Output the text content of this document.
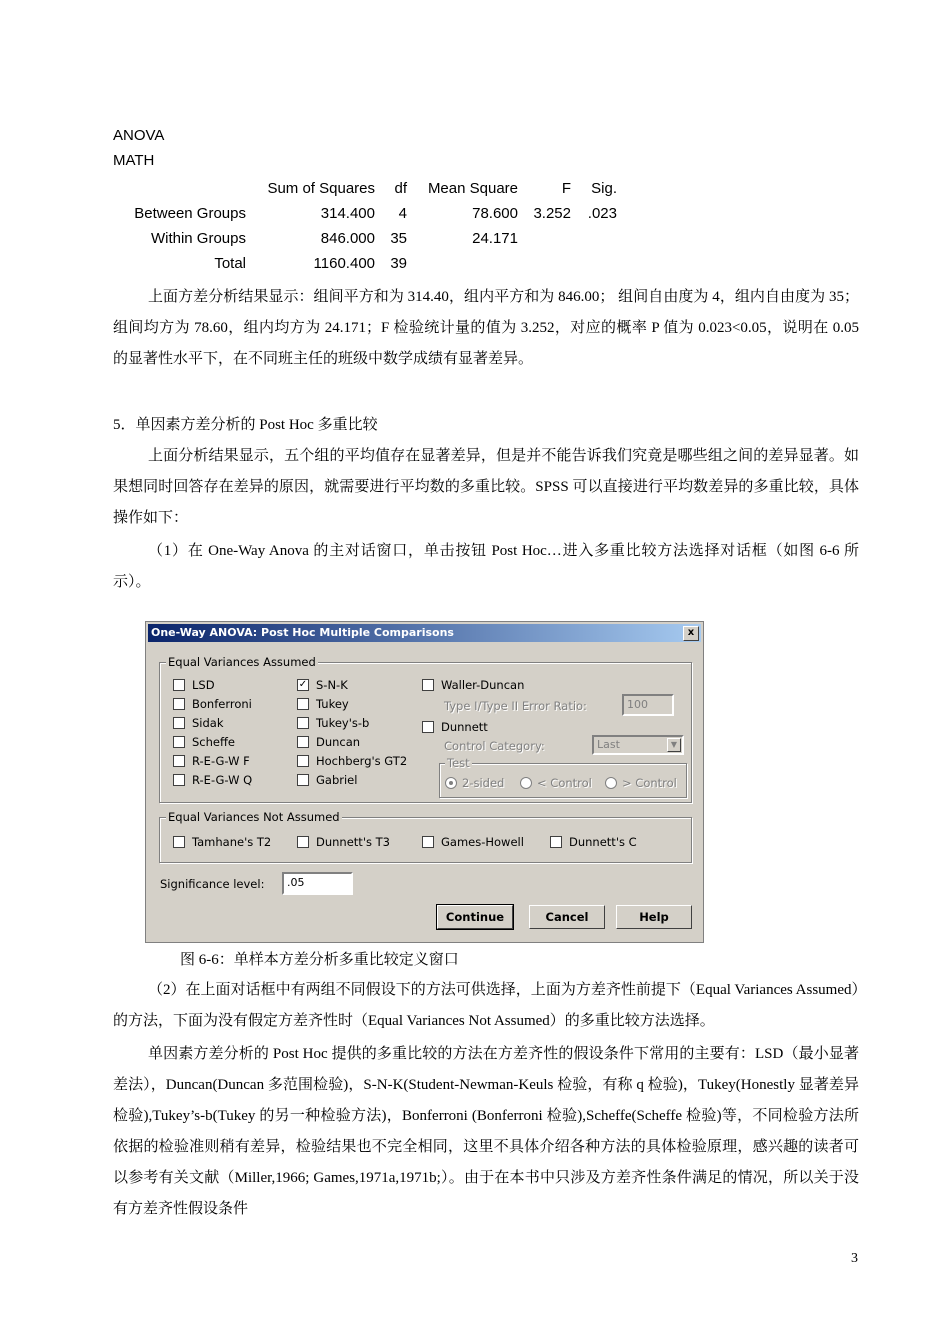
ANOVA
MATH
	Sum of Squares	df	Mean Square	F	Sig.
Between Groups	314.400	4	78.600	3.252	.023
Within Groups	846.000	35	24.171		
Total	1160.400	39			
上面方差分析结果显示：组间平方和为 314.40，组内平方和为 846.00； 组间自由度为 4，组内自由度为 35； 组间均方为 78.60，组内均方为 24.171；F 检验统计量的值为 3.252，对应的概率 P 值为 0.023<0.05，说明在 0.05 的显著性水平下，在不同班主任的班级中数学成绩有显著差异。
5．单因素方差分析的 Post Hoc 多重比较
上面分析结果显示，五个组的平均值存在显著差异，但是并不能告诉我们究竟是哪些组之间的差异显著。如果想同时回答存在差异的原因，就需要进行平均数的多重比较。SPSS 可以直接进行平均数差异的多重比较，具体操作如下：
（1）在 One-Way Anova 的主对话窗口，单击按钮 Post Hoc…进入多重比较方法选择对话框（如图 6-6 所示）。
One-Way ANOVA: Post Hoc Multiple Comparisons	x
Equal Variances Assumed
LSD
Bonferroni
Sidak
Scheffe
R-E-G-W F
R-E-G-W Q
✓ S-N-K
Tukey
Tukey's-b
Duncan
Hochberg's GT2
Gabriel
Waller-Duncan
Type I/Type II Error Ratio:	100
Dunnett
Control Category:	Last	▼
Test
2-sided	< Control	> Control
Equal Variances Not Assumed
Tamhane's T2	Dunnett's T3	Games-Howell	Dunnett's C
Significance level:	.05
Continue	Cancel	Help
图 6-6：单样本方差分析多重比较定义窗口
（2）在上面对话框中有两组不同假设下的方法可供选择，上面为方差齐性前提下（Equal Variances Assumed）的方法，下面为没有假定方差齐性时（Equal Variances Not Assumed）的多重比较方法选择。
单因素方差分析的 Post Hoc 提供的多重比较的方法在方差齐性的假设条件下常用的主要有：LSD（最小显著差法），Duncan(Duncan 多范围检验)，S-N-K(Student-Newman-Keuls 检验，有称 q 检验)，Tukey(Honestly 显著差异检验),Tukey’s-b(Tukey 的另一种检验方法)，Bonferroni (Bonferroni 检验),Scheffe(Scheffe 检验)等，不同检验方法所依据的检验准则稍有差异，检验结果也不完全相同，这里不具体介绍各种方法的具体检验原理，感兴趣的读者可以参考有关文献（Miller,1966; Games,1971a,1971b;）。由于在本书中只涉及方差齐性条件满足的情况，所以关于没有方差齐性假设条件
3
